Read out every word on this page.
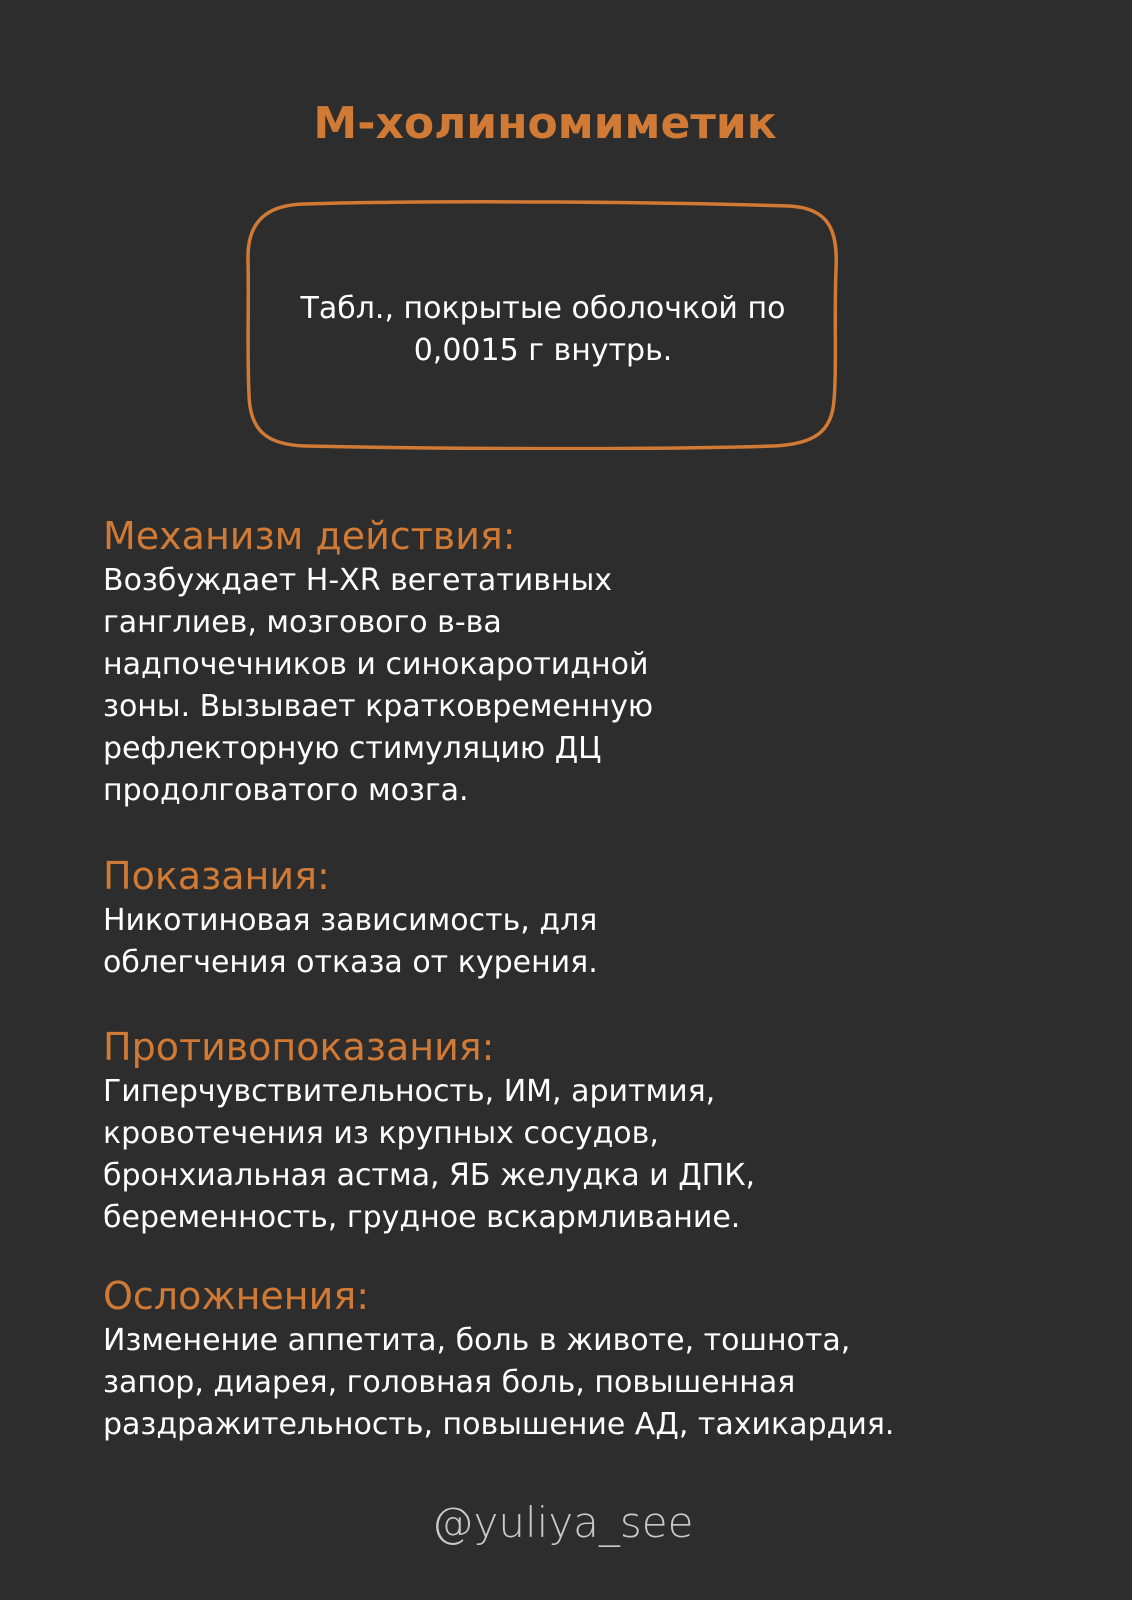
М-холиномиметик
Табл., покрытые оболочкой по
0,0015 г внутрь.
Механизм действия:

Возбуждает Н-ХR вегетативных
ганглиев, мозгового в-ва
надпочечников и синокаротидной
зоны. Вызывает кратковременную
рефлекторную стимуляцию ДЦ
продолговатого мозга.

Показания:

Никотиновая зависимость, для
облегчения отказа от курения.

Противопоказания:

Гиперчувствительность, ИМ, аритмия,
кровотечения из крупных сосудов,
бронхиальная астма, ЯБ желудка и ДПК,
беременность, грудное вскармливание.

Осложнения:

Изменение аппетита, боль в животе, тошнота,
запор, диарея, головная боль, повышенная
раздражительность, повышение АД, тахикардия.

@yuliya_see
